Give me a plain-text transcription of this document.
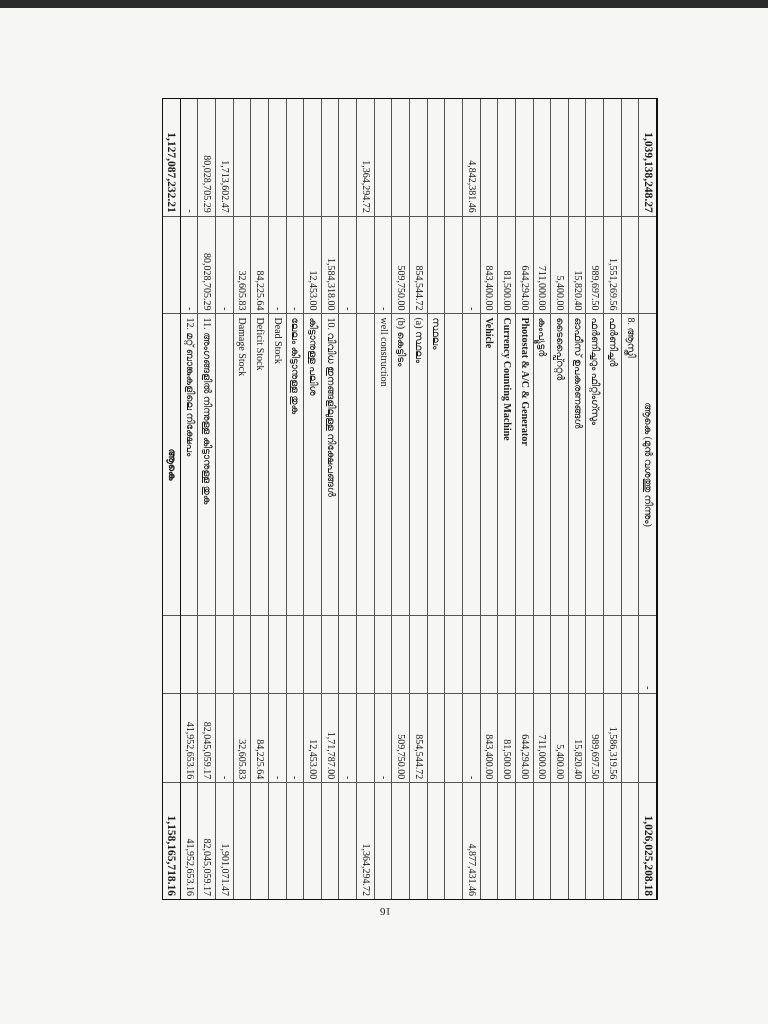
1,039,138,248.27
ആകെ (മുൻ വശത്തു നിന്നും)
-
1,026,025,208.18
8. ആസ്തി
1,551,269.56
ഫർണിച്ചർ
1,586,319.56
989,697.50
ഫർണിച്ചറും ഫിറ്റിംഗ്സും
989,697.50
15,820.40
ഓഫീസ് ഉപകരണങ്ങൾ
15,820.40
5,400.00
ടൈപ്പ്റൈറ്റർ
5,400.00
711,000.00
കംപ്യൂട്ടർ
711,000.00
644,294.00
Photostat & A/C & Generator
644,294.00
81,500.00
Currency Counting Machine
81,500.00
843,400.00
Vehicle
843,400.00
4,842,381.46
-
-
4,877,431.46
സ്ഥലം
854,544.72
(a) സ്ഥലം
854,544.72
509,750.00
(b) കെട്ടിടം
509,750.00
-
well construction
-
1,364,294.72
1,364,294.72
-
-
1,584,318.00
10. വിവിധ ഇനങ്ങളിലുള്ള നിക്ഷേപങ്ങൾ
1,71,787.00
12,453.00
കിട്ടാനുള്ള പലിശ
12,453.00
-
ലേലം കിട്ടാനുള്ള തുക
-
-
Dead Stock
-
84,225.64
Deficit Stock
84,225.64
32,605.83
Damage Stock
32,605.83
1,713,602.47
-
-
1,901,071.47
80,028,705.29
80,028,705.29
11. അംഗങ്ങളിൽ നിന്നുള്ള കിട്ടാനുള്ള തുക
82,045,059.17
82,045,059.17
-
-
12. മറ്റ് ബാങ്കുകളിലെ നിക്ഷേപം
41,952,653.16
41,952,653.16
1,127,087,232.21
ആകെ
1,158,165,718.16
16
